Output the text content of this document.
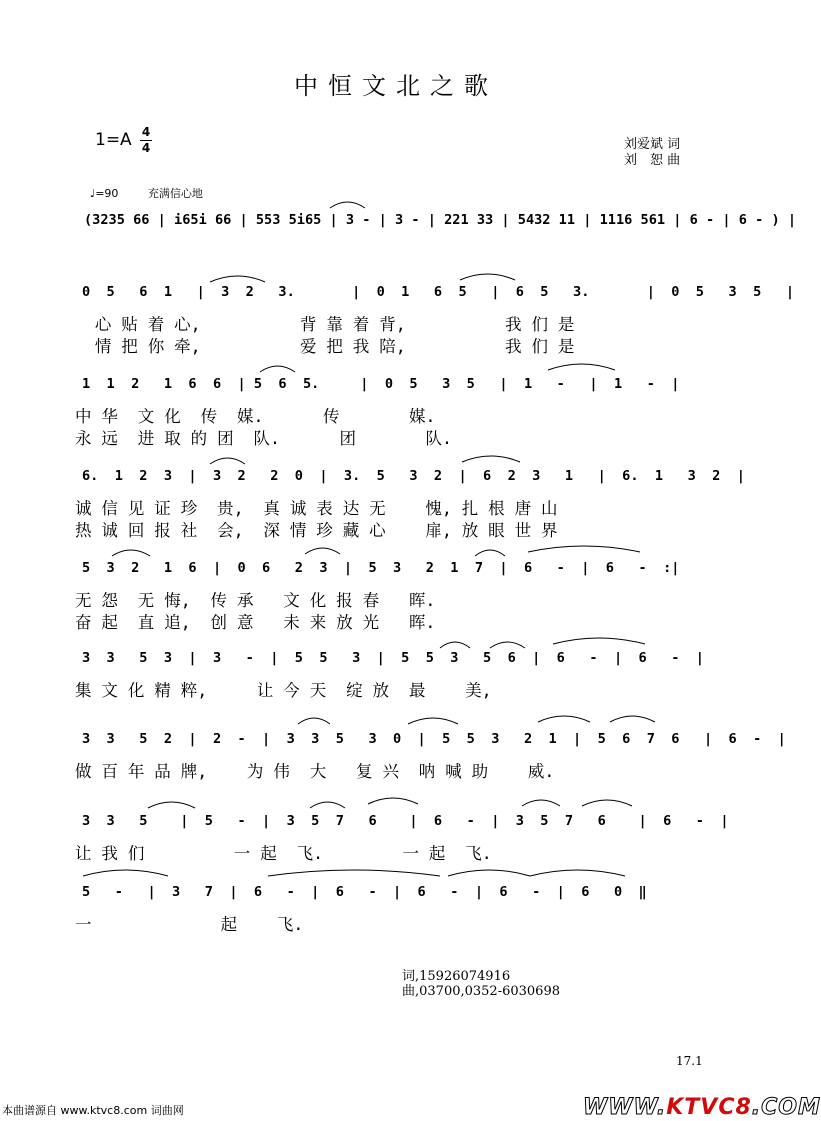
中恒文北之歌
1=A 4
4	刘爱斌 词
刘　恕 曲
♩=90	充满信心地
(3235 66 | i65i 66 | 553 5i65 | 3 - | 3 - | 221 33 | 5432 11 | 1116 561 | 6 - | 6 - ) |
0  5   6  1   |  3  2   3.       |  0  1   6  5   |  6  5   3.       |  0  5   3  5   |
心 贴 着 心,          背 靠 着 背,          我 们 是
情 把 你 牵,          爱 把 我 陪,          我 们 是
1  1  2   1  6  6  | 5  6  5.     |  0  5   3  5   |  1   -   |  1   -  |
中 华  文 化  传  媒.      传       媒.
永 远  进 取 的 团  队.      团       队.
6.  1  2  3  |  3  2   2  0  |  3.  5   3  2  |  6  2  3   1   |  6.  1   3  2  |
诚 信 见 证 珍  贵,  真 诚 表 达 无    愧, 扎 根 唐 山
热 诚 回 报 社  会,  深 情 珍 藏 心    扉, 放 眼 世 界
5  3  2   1  6  |  0  6   2  3  |  5  3   2  1  7  |  6   -  |  6   -  :|
无 怨  无 悔,  传 承   文 化 报 春   晖.
奋 起  直 追,  创 意   未 来 放 光   晖.
3  3   5  3  |  3   -  |  5  5   3  |  5  5  3   5  6  |  6   -  |  6   -  |
集 文 化 精 粹,     让 今 天  绽 放  最    美,
3  3   5  2  |  2  -  |  3  3  5   3  0  |  5  5  3   2  1  |  5  6  7  6   |  6  -  |
做 百 年 品 牌,    为 伟  大   复 兴  呐 喊 助    威.
3  3   5    |  5   -  |  3  5  7   6    |  6   -  |  3  5  7   6    |  6   -  |
让 我 们         一 起  飞.        一 起  飞.
5   -   |  3   7  |  6   -  |  6   -  |  6   -  |  6   -  |  6   0  ‖
一             起    飞.
词,15926074916
曲,03700,0352-6030698
17.1
本曲谱源自 www.ktvc8.com 词曲网	WWW.KTVC8.COM
